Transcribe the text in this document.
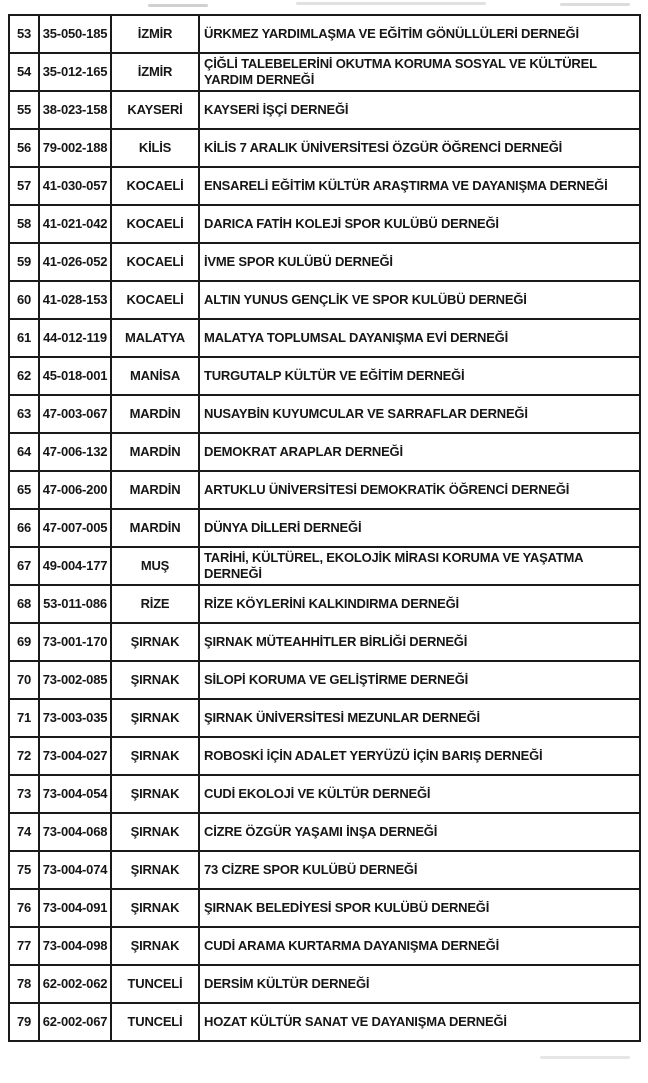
53	35-050-185	İZMİR	ÜRKMEZ YARDIMLAŞMA VE EĞİTİM GÖNÜLLÜLERİ DERNEĞİ
54	35-012-165	İZMİR	ÇİĞLİ TALEBELERİNİ OKUTMA KORUMA SOSYAL VE KÜLTÜREL YARDIM DERNEĞİ
55	38-023-158	KAYSERİ	KAYSERİ İŞÇİ DERNEĞİ
56	79-002-188	KİLİS	KİLİS 7 ARALIK ÜNİVERSİTESİ ÖZGÜR ÖĞRENCİ DERNEĞİ
57	41-030-057	KOCAELİ	ENSARELİ EĞİTİM KÜLTÜR ARAŞTIRMA VE DAYANIŞMA DERNEĞİ
58	41-021-042	KOCAELİ	DARICA FATİH KOLEJİ SPOR KULÜBÜ DERNEĞİ
59	41-026-052	KOCAELİ	İVME SPOR KULÜBÜ DERNEĞİ
60	41-028-153	KOCAELİ	ALTIN YUNUS GENÇLİK VE SPOR KULÜBÜ DERNEĞİ
61	44-012-119	MALATYA	MALATYA TOPLUMSAL DAYANIŞMA EVİ DERNEĞİ
62	45-018-001	MANİSA	TURGUTALP KÜLTÜR VE EĞİTİM DERNEĞİ
63	47-003-067	MARDİN	NUSAYBİN KUYUMCULAR VE SARRAFLAR DERNEĞİ
64	47-006-132	MARDİN	DEMOKRAT ARAPLAR DERNEĞİ
65	47-006-200	MARDİN	ARTUKLU ÜNİVERSİTESİ DEMOKRATİK ÖĞRENCİ DERNEĞİ
66	47-007-005	MARDİN	DÜNYA DİLLERİ DERNEĞİ
67	49-004-177	MUŞ	TARİHİ, KÜLTÜREL, EKOLOJİK MİRASI KORUMA VE YAŞATMA DERNEĞİ
68	53-011-086	RİZE	RİZE KÖYLERİNİ KALKINDIRMA DERNEĞİ
69	73-001-170	ŞIRNAK	ŞIRNAK MÜTEAHHİTLER BİRLİĞİ DERNEĞİ
70	73-002-085	ŞIRNAK	SİLOPİ KORUMA VE GELİŞTİRME DERNEĞİ
71	73-003-035	ŞIRNAK	ŞIRNAK ÜNİVERSİTESİ MEZUNLAR DERNEĞİ
72	73-004-027	ŞIRNAK	ROBOSKİ İÇİN ADALET YERYÜZÜ İÇİN BARIŞ DERNEĞİ
73	73-004-054	ŞIRNAK	CUDİ EKOLOJİ VE KÜLTÜR DERNEĞİ
74	73-004-068	ŞIRNAK	CİZRE ÖZGÜR YAŞAMI İNŞA DERNEĞİ
75	73-004-074	ŞIRNAK	73 CİZRE SPOR KULÜBÜ DERNEĞİ
76	73-004-091	ŞIRNAK	ŞIRNAK BELEDİYESİ SPOR KULÜBÜ DERNEĞİ
77	73-004-098	ŞIRNAK	CUDİ ARAMA KURTARMA DAYANIŞMA DERNEĞİ
78	62-002-062	TUNCELİ	DERSİM KÜLTÜR DERNEĞİ
79	62-002-067	TUNCELİ	HOZAT KÜLTÜR SANAT VE DAYANIŞMA DERNEĞİ
